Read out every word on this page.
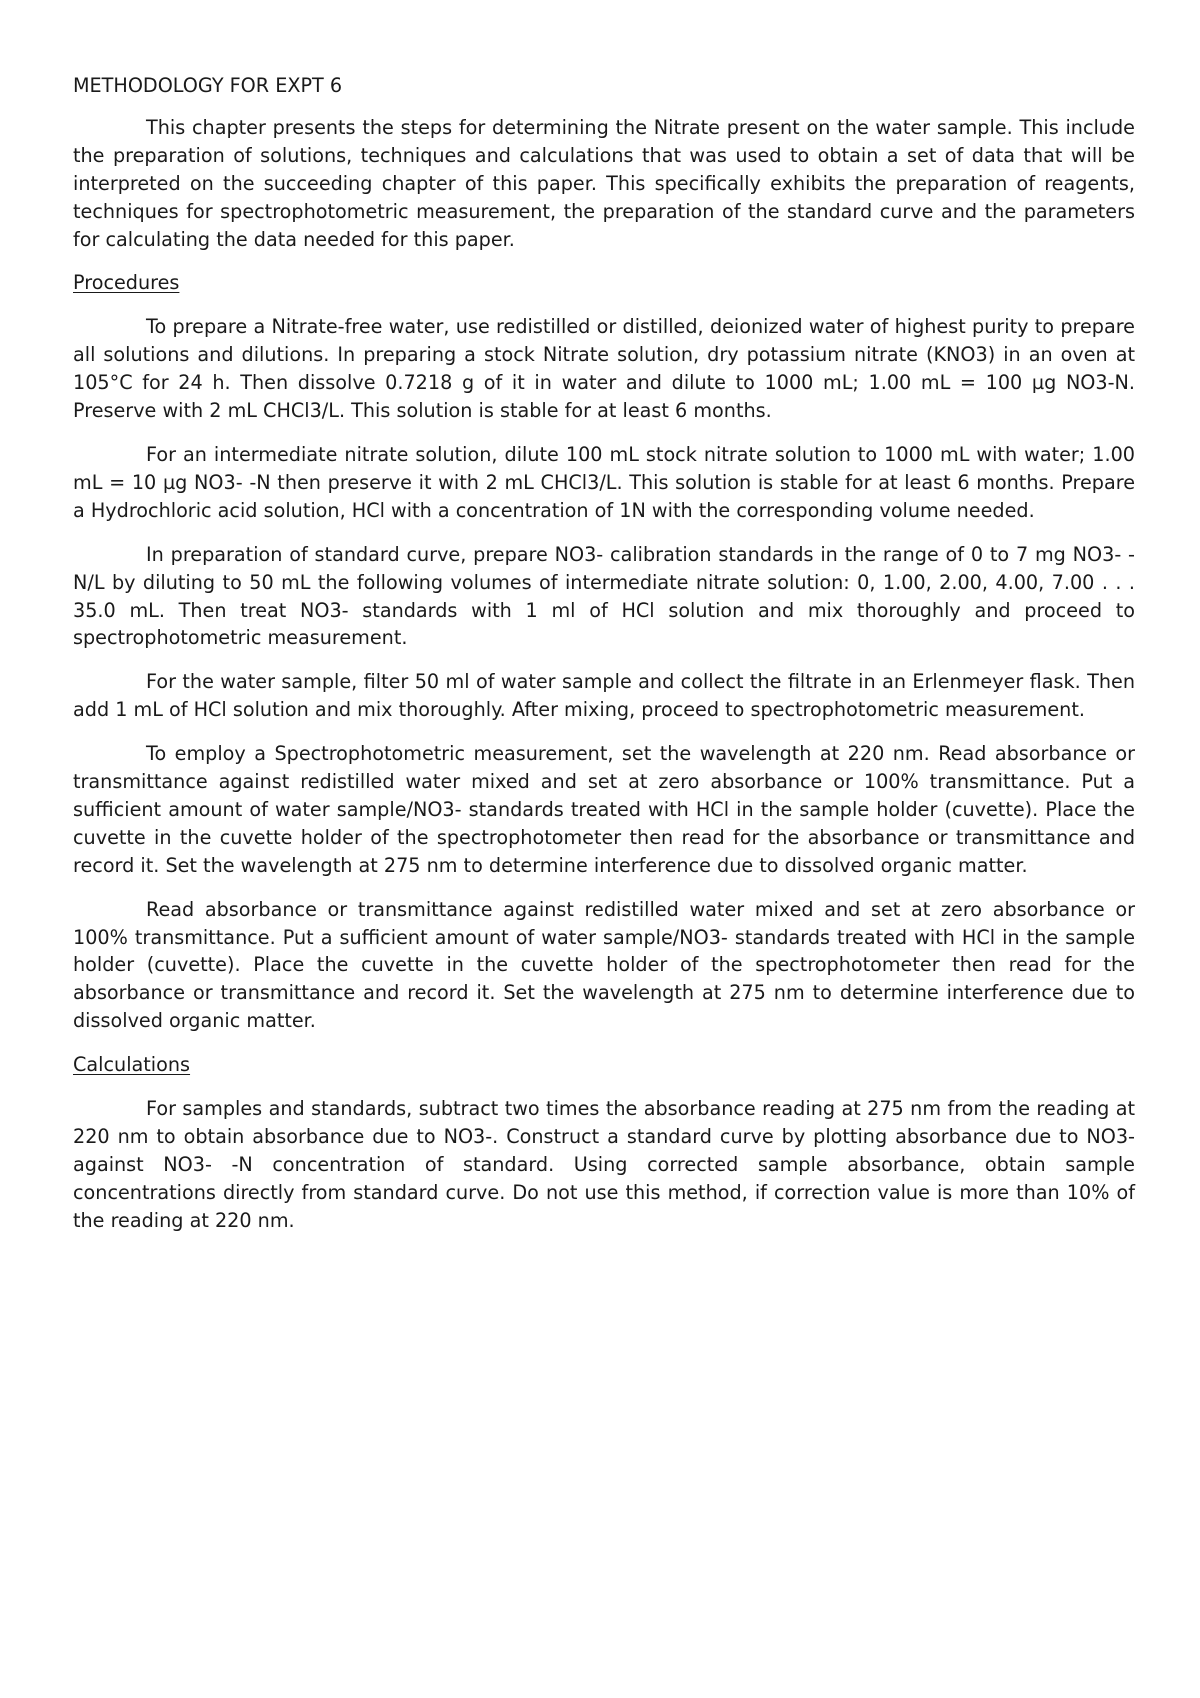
METHODOLOGY FOR EXPT 6

This chapter presents the steps for determining the Nitrate present on the water sample. This include the preparation of solutions, techniques and calculations that was used to obtain a set of data that will be interpreted on the succeeding chapter of this paper. This specifically exhibits the preparation of reagents, techniques for spectrophotometric measurement, the preparation of the standard curve and the parameters for calculating the data needed for this paper.

Procedures

To prepare a Nitrate-free water, use redistilled or distilled, deionized water of highest purity to prepare all solutions and dilutions. In preparing a stock Nitrate solution, dry potassium nitrate (KNO3) in an oven at 105°C for 24 h. Then dissolve 0.7218 g of it in water and dilute to 1000 mL; 1.00 mL = 100 µg NO3-N. Preserve with 2 mL CHCl3/L. This solution is stable for at least 6 months.

For an intermediate nitrate solution, dilute 100 mL stock nitrate solution to 1000 mL with water; 1.00 mL = 10 µg NO3- -N then preserve it with 2 mL CHCl3/L. This solution is stable for at least 6 months. Prepare a Hydrochloric acid solution, HCl with a concentration of 1N with the corresponding volume needed.

In preparation of standard curve, prepare NO3- calibration standards in the range of 0 to 7 mg NO3- -N/L by diluting to 50 mL the following volumes of intermediate nitrate solution: 0, 1.00, 2.00, 4.00, 7.00 . . . 35.0 mL. Then treat NO3- standards with 1 ml of HCl solution and mix thoroughly and proceed to spectrophotometric measurement.

For the water sample, filter 50 ml of water sample and collect the filtrate in an Erlenmeyer flask. Then add 1 mL of HCl solution and mix thoroughly. After mixing, proceed to spectrophotometric measurement.

To employ a Spectrophotometric measurement, set the wavelength at 220 nm. Read absorbance or transmittance against redistilled water mixed and set at zero absorbance or 100% transmittance. Put a sufficient amount of water sample/NO3- standards treated with HCl in the sample holder (cuvette). Place the cuvette in the cuvette holder of the spectrophotometer then read for the absorbance or transmittance and record it. Set the wavelength at 275 nm to determine interference due to dissolved organic matter.

Read absorbance or transmittance against redistilled water mixed and set at zero absorbance or 100% transmittance. Put a sufficient amount of water sample/NO3- standards treated with HCl in the sample holder (cuvette). Place the cuvette in the cuvette holder of the spectrophotometer then read for the absorbance or transmittance and record it. Set the wavelength at 275 nm to determine interference due to dissolved organic matter.

Calculations

For samples and standards, subtract two times the absorbance reading at 275 nm from the reading at 220 nm to obtain absorbance due to NO3-. Construct a standard curve by plotting absorbance due to NO3- against NO3- -N concentration of standard. Using corrected sample absorbance, obtain sample concentrations directly from standard curve. Do not use this method, if correction value is more than 10% of the reading at 220 nm.
